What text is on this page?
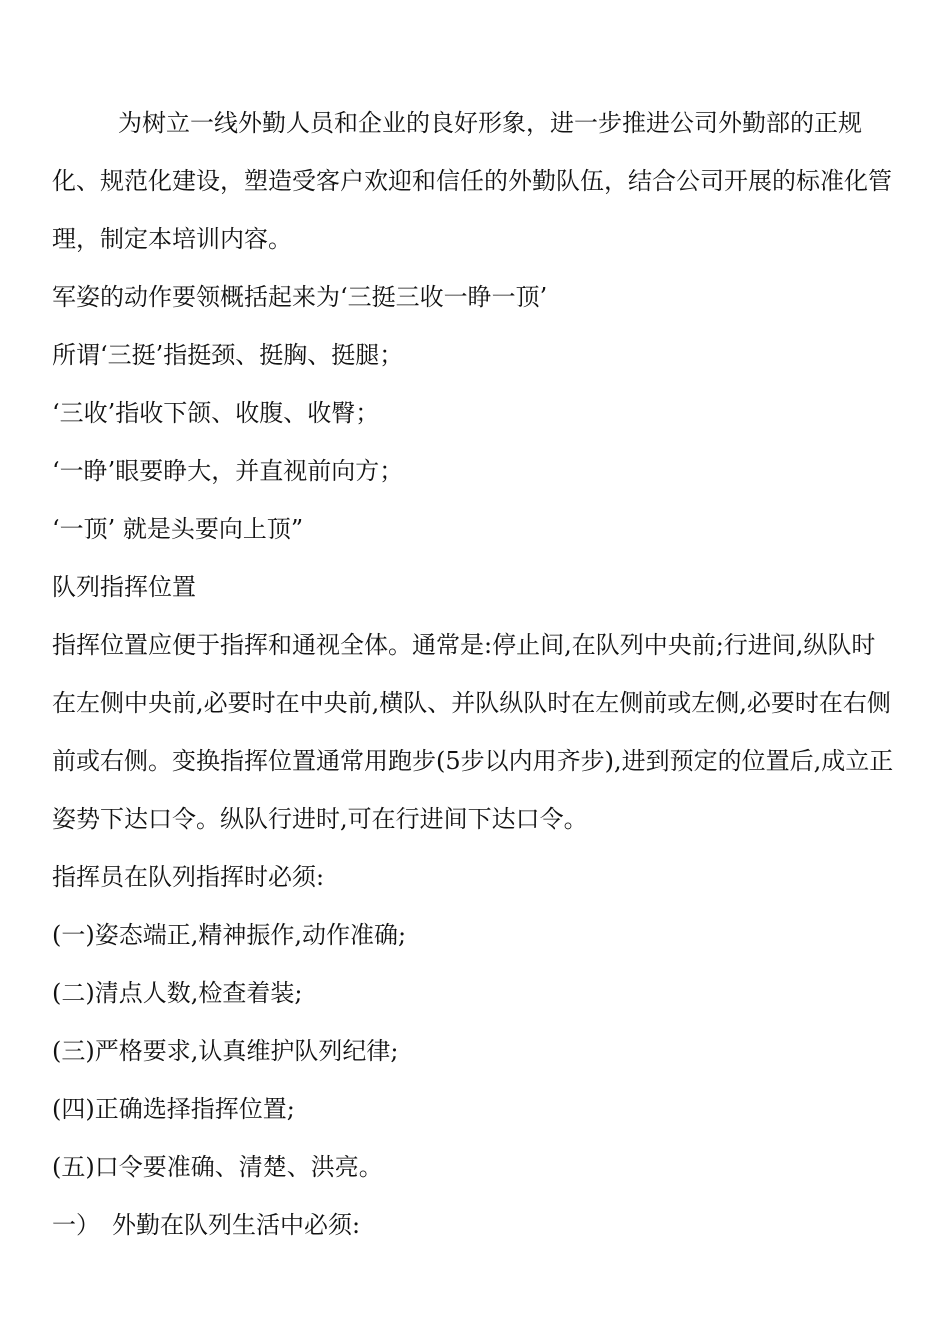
为树立一线外勤人员和企业的良好形象，进一步推进公司外勤部的正规化、规范化建设，塑造受客户欢迎和信任的外勤队伍，结合公司开展的标准化管理，制定本培训内容。

军姿的动作要领概括起来为‘三挺三收一睁一顶’

所谓‘三挺’指挺颈、挺胸、挺腿；

‘三收’指收下颌、收腹、收臀；

‘一睁’眼要睁大，并直视前向方；

‘一顶’ 就是头要向上顶”

队列指挥位置

指挥位置应便于指挥和通视全体。通常是:停止间,在队列中央前;行进间,纵队时在左侧中央前,必要时在中央前,横队、并队纵队时在左侧前或左侧,必要时在右侧前或右侧。变换指挥位置通常用跑步(5步以内用齐步),进到预定的位置后,成立正姿势下达口令。纵队行进时,可在行进间下达口令。

指挥员在队列指挥时必须:

(一)姿态端正,精神振作,动作准确;

(二)清点人数,检查着装;

(三)严格要求,认真维护队列纪律;

(四)正确选择指挥位置;

(五)口令要准确、清楚、洪亮。

一）　外勤在队列生活中必须:
